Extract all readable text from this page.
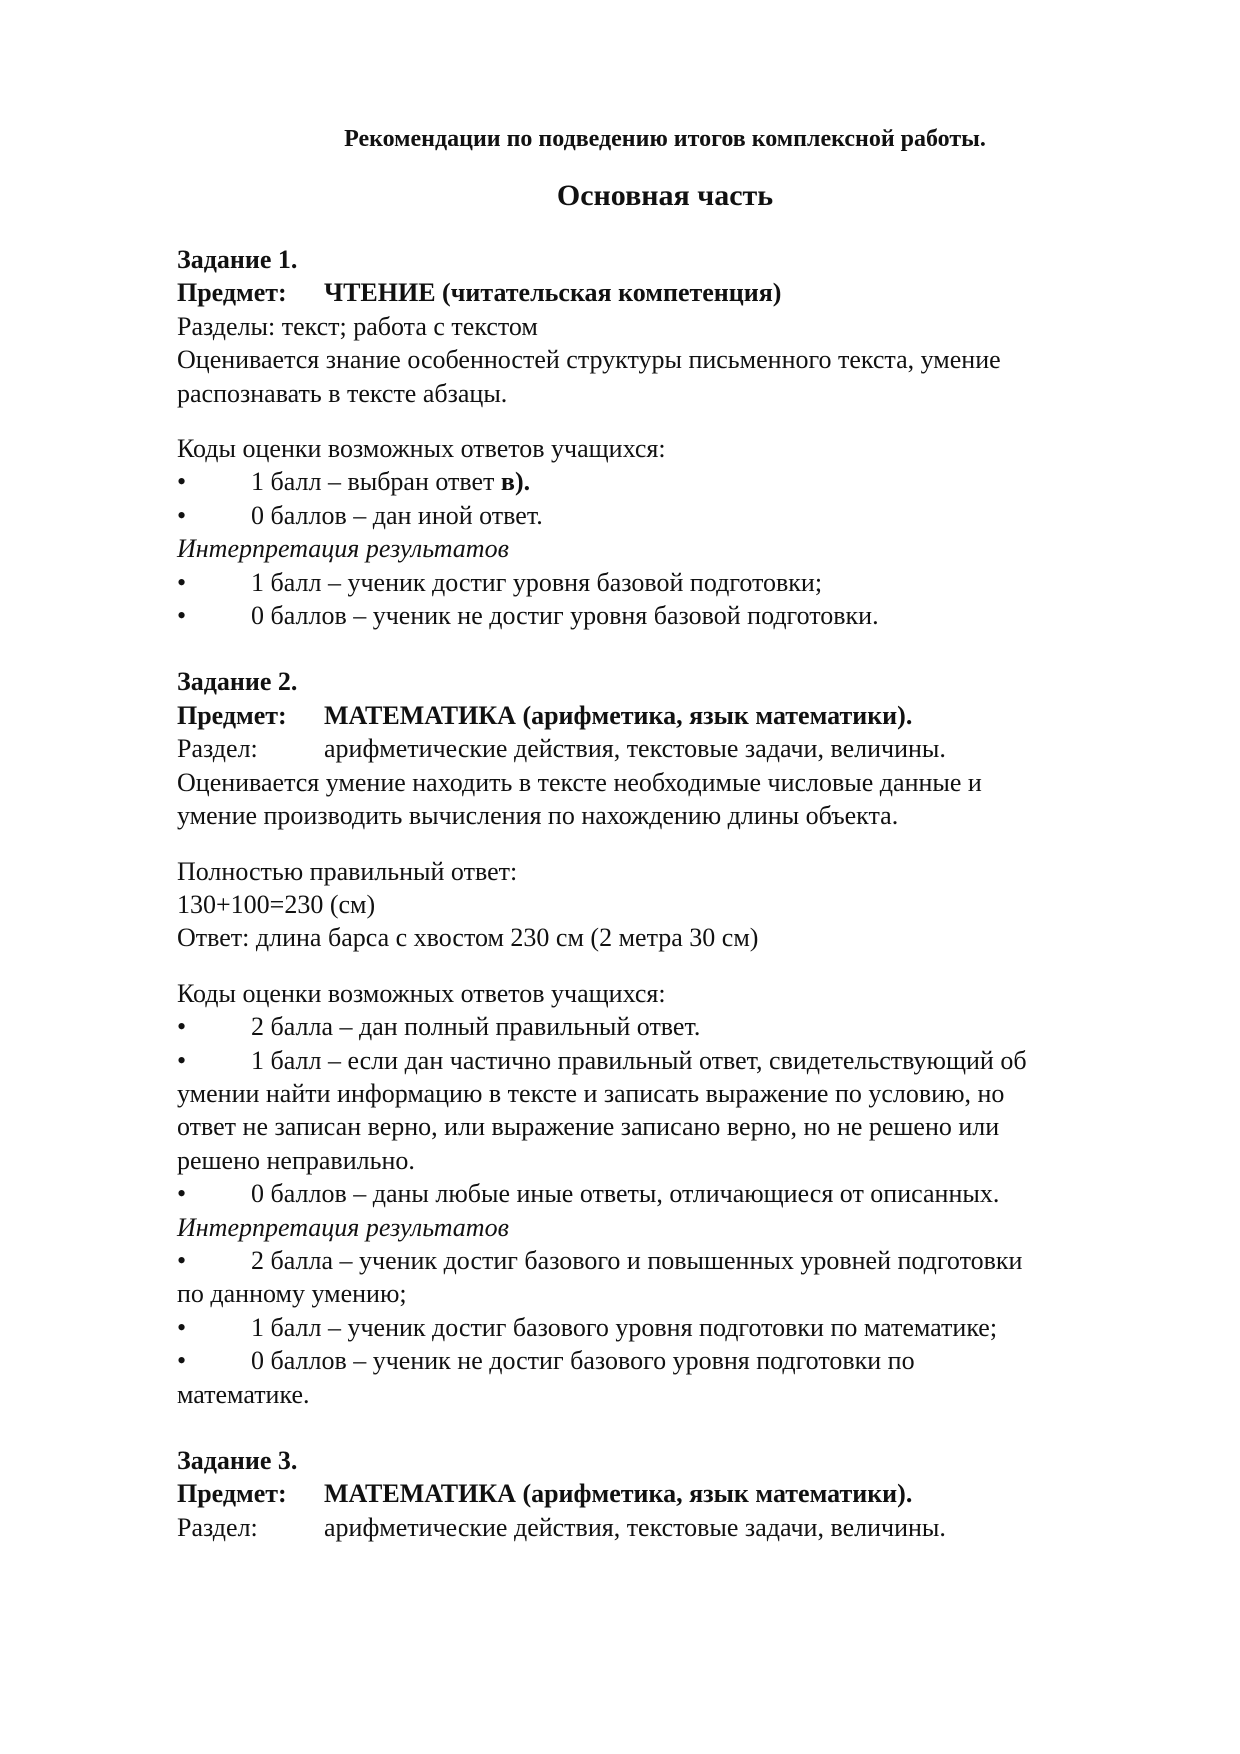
Рекомендации по подведению итогов комплексной работы.
Основная часть
Задание 1.
Предмет: ЧТЕНИЕ (читательская компетенция)
Разделы: текст; работа с текстом
Оценивается знание особенностей структуры письменного текста, умение
распознавать в тексте абзацы.
Коды оценки возможных ответов учащихся:
•	1 балл – выбран ответ в).
•	0 баллов – дан иной ответ.
Интерпретация результатов
•	1 балл – ученик достиг уровня базовой подготовки;
•	0 баллов – ученик не достиг уровня базовой подготовки.
Задание 2.
Предмет: МАТЕМАТИКА (арифметика, язык математики).
Раздел:	арифметические действия, текстовые задачи, величины.
Оценивается умение находить в тексте необходимые числовые данные и
умение производить вычисления по нахождению длины объекта.
Полностью правильный ответ:
130+100=230 (см)
Ответ: длина барса с хвостом 230 см (2 метра 30 см)
Коды оценки возможных ответов учащихся:
•	2 балла – дан полный правильный ответ.
• 1 балл – если дан частично правильный ответ, свидетельствующий об
умении найти информацию в тексте и записать выражение по условию, но
ответ не записан верно, или выражение записано верно, но не решено или
решено неправильно.
•	0 баллов – даны любые иные ответы, отличающиеся от описанных.
Интерпретация результатов
• 2 балла – ученик достиг базового и повышенных уровней подготовки
по данному умению;
•	1 балл – ученик достиг базового уровня подготовки по математике;
• 0 баллов – ученик не достиг базового уровня подготовки по
математике.
Задание 3.
Предмет: МАТЕМАТИКА (арифметика, язык математики).
Раздел:	арифметические действия, текстовые задачи, величины.
